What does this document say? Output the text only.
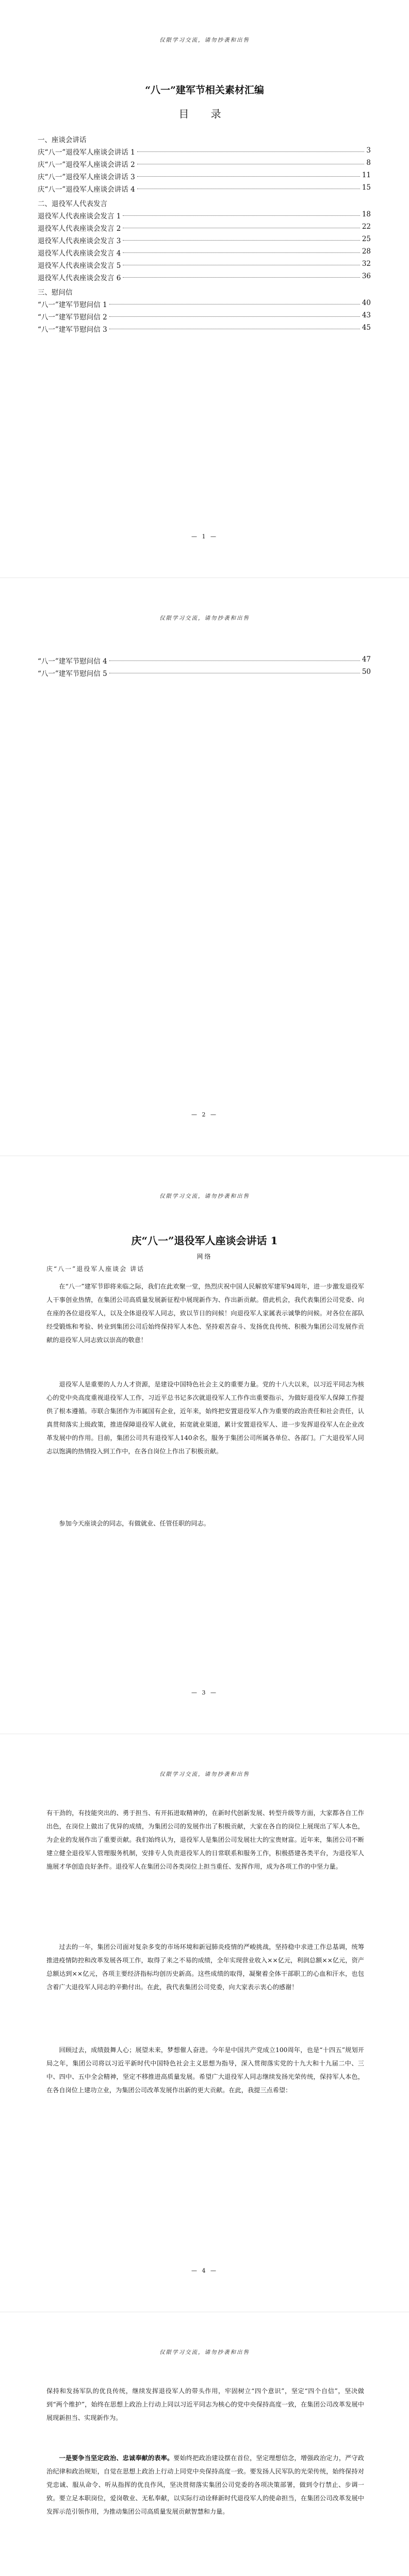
仅限学习交流，请勿抄袭和出售
“八一”建军节相关素材汇编
目 录
一、座谈会讲话
庆“八一”退役军人座谈会讲话 1	3
庆“八一”退役军人座谈会讲话 2	8
庆“八一”退役军人座谈会讲话 3	11
庆“八一”退役军人座谈会讲话 4	15
二、退役军人代表发言
退役军人代表座谈会发言 1	18
退役军人代表座谈会发言 2	22
退役军人代表座谈会发言 3	25
退役军人代表座谈会发言 4	28
退役军人代表座谈会发言 5	32
退役军人代表座谈会发言 6	36
三、慰问信
“八一”建军节慰问信 1	40
“八一”建军节慰问信 2	43
“八一”建军节慰问信 3	45
— 1 —
仅限学习交流，请勿抄袭和出售
“八一”建军节慰问信 4	47
“八一”建军节慰问信 5	50
— 2 —
仅限学习交流，请勿抄袭和出售
庆“八一”退役军人座谈会讲话 1
网络
庆“八一”退役军人座谈会 讲话

在“八一”建军节即将来临之际，我们在此欢聚一堂，热烈庆祝中国人民解放军建军94周年，进一步激发退役军人干事创业热情，在集团公司高质量发展新征程中展现新作为、作出新贡献。借此机会，我代表集团公司党委、向在座的各位退役军人，以及全体退役军人同志，致以节日的问候！向退役军人家属表示诚挚的问候。对各位在部队经受锻炼和考验、转业到集团公司后始终保持军人本色、坚持艰苦奋斗、发扬优良传统、积极为集团公司发展作贡献的退役军人同志致以崇高的敬意！

退役军人是重要的人力人才资源，是建设中国特色社会主义的重要力量。党的十八大以来，以习近平同志为核心的党中央高度重视退役军人工作，习近平总书记多次就退役军人工作作出重要指示，为做好退役军人保障工作提供了根本遵循。市联合集团作为市属国有企业，近年来，始终把安置退役军人作为重要的政治责任和社会责任，认真贯彻落实上级政策，推进保障退役军人就业，拓宽就业渠道，累计安置退役军人、进一步发挥退役军人在企业改革发展中的作用。目前，集团公司共有退役军人140余名，服务于集团公司所属各单位、各部门。广大退役军人同志以饱满的热情投入到工作中，在各自岗位上作出了积极贡献。

参加今天座谈会的同志，有做就业、任管任职的同志。

— 3 —
仅限学习交流，请勿抄袭和出售

有干劲的，有技能突出的、勇于担当、有开拓进取精神的，在新时代创新发展、转型升级等方面，大家都各自工作出色，在岗位上做出了优异的成绩，为集团公司的发展作出了积极贡献，大家在各自的岗位上展现出了军人本色，为企业的发展作出了重要贡献。我们始终认为，退役军人是集团公司发展壮大的宝贵财富。近年来，集团公司不断建立健全退役军人管理服务机制，安排专人负责退役军人的日常联系和服务工作，积极搭建各类平台，为退役军人施展才华创造良好条件。退役军人在集团公司各类岗位上担当重任、发挥作用，成为各项工作的中坚力量。

过去的一年，集团公司面对复杂多变的市场环境和新冠肺炎疫情的严峻挑战，坚持稳中求进工作总基调，统筹推进疫情防控和改革发展各项工作，取得了来之不易的成绩，全年实现营业收入××亿元，利润总额××亿元，资产总额达到××亿元，各项主要经济指标均创历史新高。这些成绩的取得，凝聚着全体干部职工的心血和汗水，也包含着广大退役军人同志的辛勤付出。在此，我代表集团公司党委，向大家表示衷心的感谢！

回顾过去，成绩鼓舞人心；展望未来，梦想催人奋进。今年是中国共产党成立100周年，也是“十四五”规划开局之年，集团公司将以习近平新时代中国特色社会主义思想为指导，深入贯彻落实党的十九大和十九届二中、三中、四中、五中全会精神，坚定不移推进高质量发展。希望广大退役军人同志继续发扬光荣传统，保持军人本色，在各自岗位上建功立业，为集团公司改革发展作出新的更大贡献。在此，我提三点希望：

— 4 —
仅限学习交流，请勿抄袭和出售

保持和发扬军队的优良传统，继续发挥退役军人的带头作用，牢固树立“四个意识”，坚定“四个自信”，坚决做到“两个维护”，始终在思想上政治上行动上同以习近平同志为核心的党中央保持高度一致，在集团公司改革发展中展现新担当、实现新作为。

一是要争当坚定政治、忠诚奉献的表率。要始终把政治建设摆在首位，坚定理想信念，增强政治定力，严守政治纪律和政治规矩，自觉在思想上政治上行动上同党中央保持高度一致。要发扬人民军队的光荣传统，始终保持对党忠诚、服从命令、听从指挥的优良作风，坚决贯彻落实集团公司党委的各项决策部署，做到令行禁止、步调一致。要立足本职岗位，爱岗敬业、无私奉献，以实际行动诠释新时代退役军人的使命担当，在集团公司改革发展中发挥示范引领作用，为推动集团公司高质量发展贡献智慧和力量。
